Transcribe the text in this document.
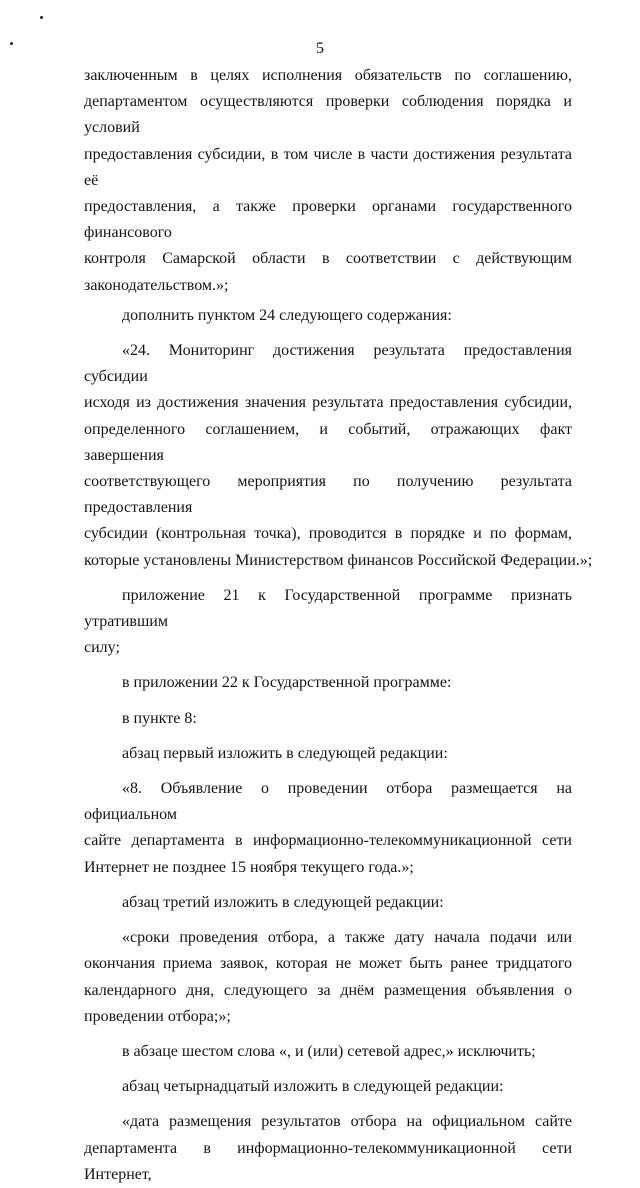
5
заключенным в целях исполнения обязательств по соглашению,
департаментом осуществляются проверки соблюдения порядка и условий
предоставления субсидии, в том числе в части достижения результата её
предоставления, а также проверки органами государственного финансового
контроля Самарской области в соответствии с действующим
законодательством.»;
дополнить пунктом 24 следующего содержания:
«24. Мониторинг достижения результата предоставления субсидии
исходя из достижения значения результата предоставления субсидии,
определенного соглашением, и событий, отражающих факт завершения
соответствующего мероприятия по получению результата предоставления
субсидии (контрольная точка), проводится в порядке и по формам,
которые установлены Министерством финансов Российской Федерации.»;
приложение 21 к Государственной программе признать утратившим
силу;
в приложении 22 к Государственной программе:
в пункте 8:
абзац первый изложить в следующей редакции:
«8. Объявление о проведении отбора размещается на официальном
сайте департамента в информационно-телекоммуникационной сети
Интернет не позднее 15 ноября текущего года.»;
абзац третий изложить в следующей редакции:
«сроки проведения отбора, а также дату начала подачи или
окончания приема заявок, которая не может быть ранее тридцатого
календарного дня, следующего за днём размещения объявления о
проведении отбора;»;
в абзаце шестом слова «, и (или) сетевой адрес,» исключить;
абзац четырнадцатый изложить в следующей редакции:
«дата размещения результатов отбора на официальном сайте
департамента в информационно-телекоммуникационной сети Интернет,
